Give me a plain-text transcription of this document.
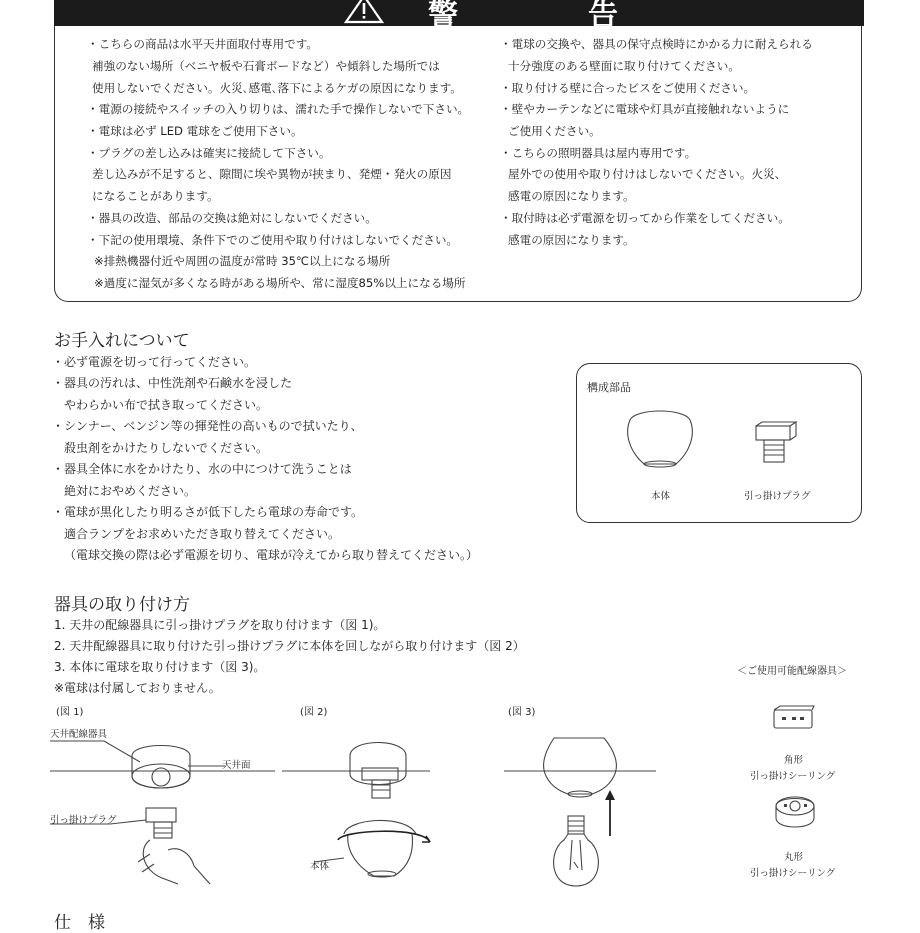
警　告
・こちらの商品は水平天井面取付専用です。
補強のない場所（ベニヤ板や石膏ボードなど）や傾斜した場所では
使用しないでください。火災､感電､落下によるケガの原因になります。
・電源の接続やスイッチの入り切りは、濡れた手で操作しないで下さい。
・電球は必ず LED 電球をご使用下さい。
・プラグの差し込みは確実に接続して下さい。
差し込みが不足すると、隙間に埃や異物が挟まり、発煙・発火の原因
になることがあります。
・器具の改造、部品の交換は絶対にしないでください。
・下記の使用環境、条件下でのご使用や取り付けはしないでください。
※排熱機器付近や周囲の温度が常時 35℃以上になる場所
※過度に湿気が多くなる時がある場所や、常に湿度85%以上になる場所
・電球の交換や、器具の保守点検時にかかる力に耐えられる
十分強度のある壁面に取り付けてください。
・取り付ける壁に合ったビスをご使用ください。
・壁やカーテンなどに電球や灯具が直接触れないように
ご使用ください。
・こちらの照明器具は屋内専用です。
屋外での使用や取り付けはしないでください。火災、
感電の原因になります。
・取付時は必ず電源を切ってから作業をしてください。
感電の原因になります。
お手入れについて
・必ず電源を切って行ってください。
・器具の汚れは、中性洗剤や石鹸水を浸した
やわらかい布で拭き取ってください。
・シンナー、ベンジン等の揮発性の高いもので拭いたり、
殺虫剤をかけたりしないでください。
・器具全体に水をかけたり、水の中につけて洗うことは
絶対におやめください。
・電球が黒化したり明るさが低下したら電球の寿命です。
適合ランプをお求めいただき取り替えてください。
（電球交換の際は必ず電源を切り、電球が冷えてから取り替えてください。）
構成部品
本体	引っ掛けプラグ
器具の取り付け方
1. 天井の配線器具に引っ掛けプラグを取り付けます（図 1)。
2. 天井配線器具に取り付けた引っ掛けプラグに本体を回しながら取り付けます（図 2）
3. 本体に電球を取り付けます（図 3)。
※電球は付属しておりません。
＜ご使用可能配線器具＞
(図 1)	(図 2)	(図 3)
天井配線器具
天井面
引っ掛けプラグ
本体
角形
引っ掛けシーリング
丸形
引っ掛けシーリング
仕　様
